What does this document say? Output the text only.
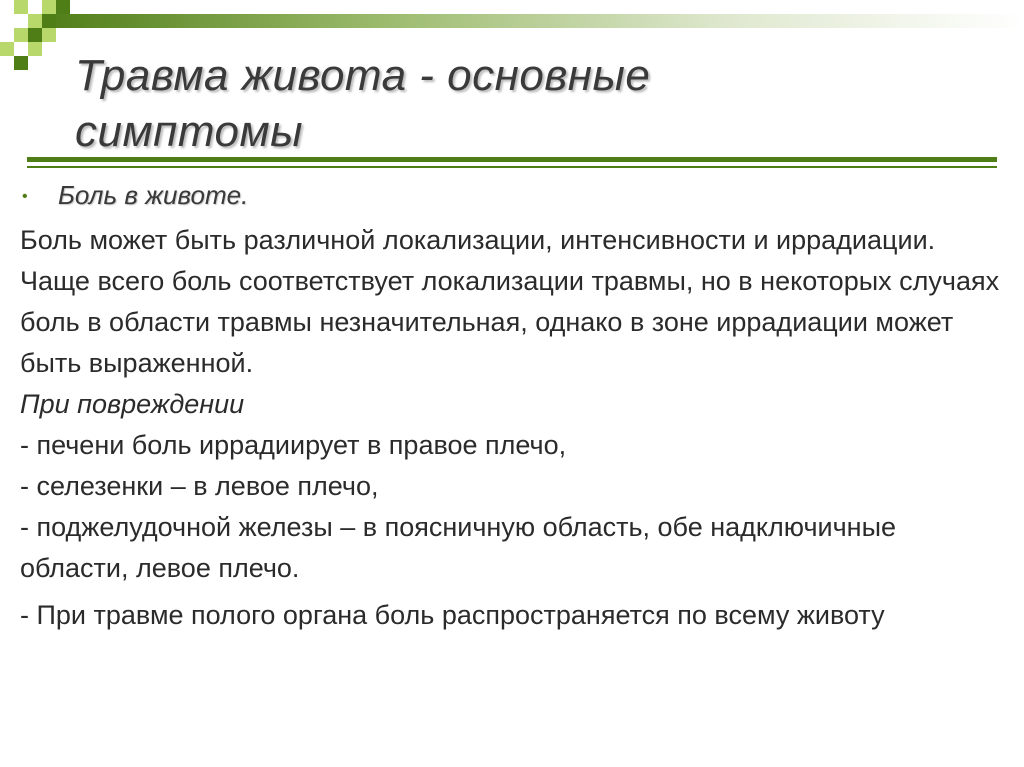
Травма живота - основные
симптомы
• Боль в животе.

Боль может быть различной локализации, интенсивности и иррадиации. Чаще всего боль соответствует локализации травмы, но в некоторых случаях боль в области травмы незначительная, однако в зоне иррадиации может быть выраженной.

При повреждении

- печени боль иррадиирует в правое плечо,

- селезенки – в левое плечо,

- поджелудочной железы – в поясничную область, обе надключичные области, левое плечо.

- При травме полого органа боль распространяется по всему животу
